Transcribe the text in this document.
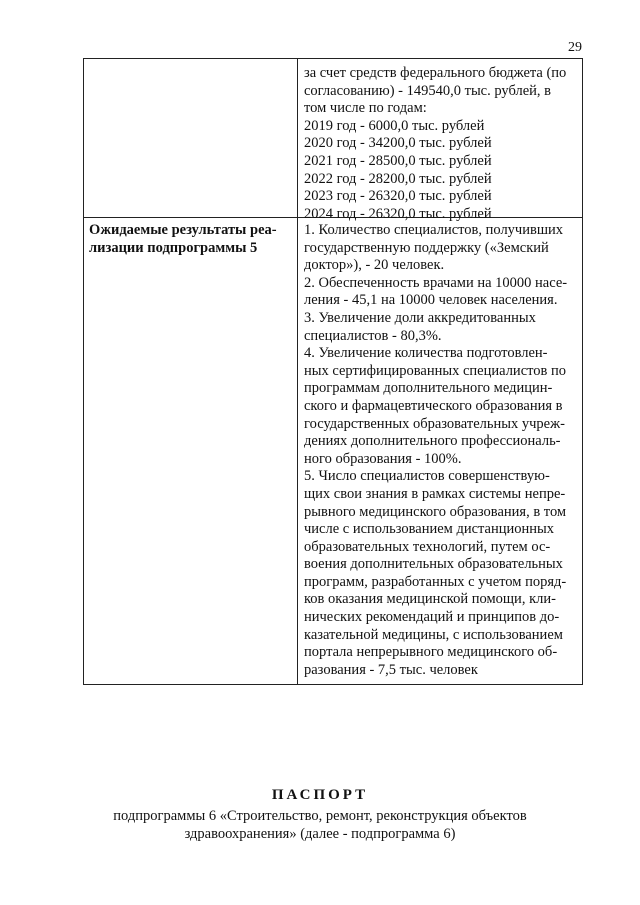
29
за счет средств федерального бюджета (по
согласованию) - 149540,0 тыс. рублей, в
том числе по годам:
2019 год - 6000,0 тыс. рублей
2020 год - 34200,0 тыс. рублей
2021 год - 28500,0 тыс. рублей
2022 год - 28200,0 тыс. рублей
2023 год - 26320,0 тыс. рублей
2024 год - 26320,0 тыс. рублей
Ожидаемые результаты реа-
лизации подпрограммы 5
1. Количество специалистов, получивших
государственную поддержку («Земский
доктор»), - 20 человек.
2. Обеспеченность врачами на 10000 насе-
ления - 45,1 на 10000 человек населения.
3. Увеличение доли аккредитованных
специалистов - 80,3%.
4. Увеличение количества подготовлен-
ных сертифицированных специалистов по
программам дополнительного медицин-
ского и фармацевтического образования в
государственных образовательных учреж-
дениях дополнительного профессиональ-
ного образования - 100%.
5. Число специалистов совершенствую-
щих свои знания в рамках системы непре-
рывного медицинского образования, в том
числе с использованием дистанционных
образовательных технологий, путем ос-
воения дополнительных образовательных
программ, разработанных с учетом поряд-
ков оказания медицинской помощи, кли-
нических рекомендаций и принципов до-
казательной медицины, с использованием
портала непрерывного медицинского об-
разования - 7,5 тыс. человек
ПАСПОРТ
подпрограммы 6 «Строительство, ремонт, реконструкция объектов
здравоохранения» (далее - подпрограмма 6)
